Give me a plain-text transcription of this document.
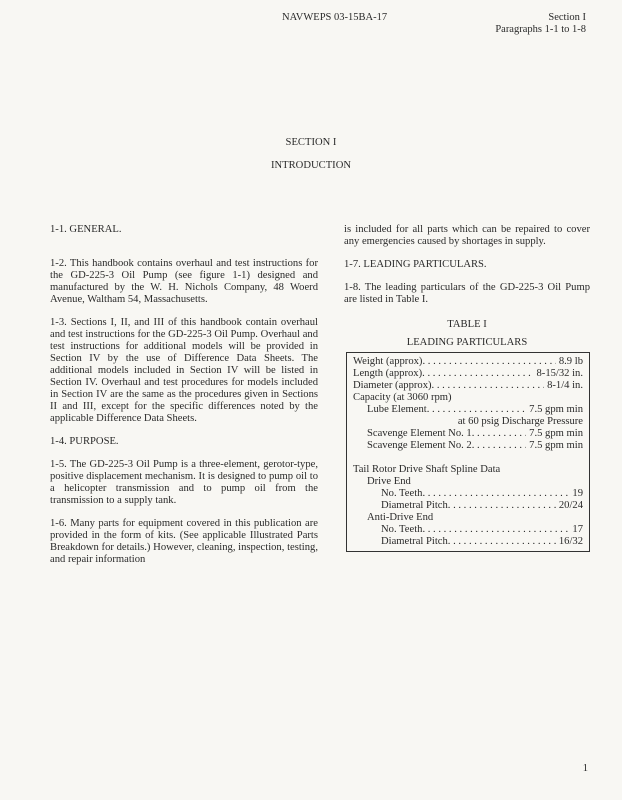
NAVWEPS 03-15BA-17	Section I
Paragraphs 1-1 to 1-8
SECTION I
INTRODUCTION

1-1. GENERAL.

1-2. This handbook contains overhaul and test instructions for the GD-225-3 Oil Pump (see figure 1-1) designed and manufactured by the W. H. Nichols Company, 48 Woerd Avenue, Waltham 54, Massachusetts.

1-3. Sections I, II, and III of this handbook contain overhaul and test instructions for the GD-225-3 Oil Pump. Overhaul and test instructions for additional models will be provided in Section IV by the use of Difference Data Sheets. The additional models included in Section IV will be listed in Section IV. Overhaul and test procedures for models included in Section IV are the same as the procedures given in Sections II and III, except for the specific differences noted by the applicable Difference Data Sheets.

1-4. PURPOSE.

1-5. The GD-225-3 Oil Pump is a three-element, gerotor-type, positive displacement mechanism. It is designed to pump oil to a helicopter transmission and to pump oil from the transmission to a supply tank.

1-6. Many parts for equipment covered in this publication are provided in the form of kits. (See applicable Illustrated Parts Breakdown for details.) However, cleaning, inspection, testing, and repair information

is included for all parts which can be repaired to cover any emergencies caused by shortages in supply.

1-7. LEADING PARTICULARS.

1-8. The leading particulars of the GD-225-3 Oil Pump are listed in Table I.

TABLE I
LEADING PARTICULARS
Weight (approx) . . .	8.9 lb
Length (approx) . . .	8-15/32 in.
Diameter (approx) . . .	8-1/4 in.
Capacity (at 3060 rpm)
Lube Element . . .	7.5 gpm min
at 60 psig Discharge Pressure
Scavenge Element No. 1 . . .	7.5 gpm min
Scavenge Element No. 2 . . .	7.5 gpm min
Tail Rotor Drive Shaft Spline Data
Drive End
No. Teeth . . .	19
Diametral Pitch . . .	20/24
Anti-Drive End
No. Teeth . . .	17
Diametral Pitch . . .	16/32
1
